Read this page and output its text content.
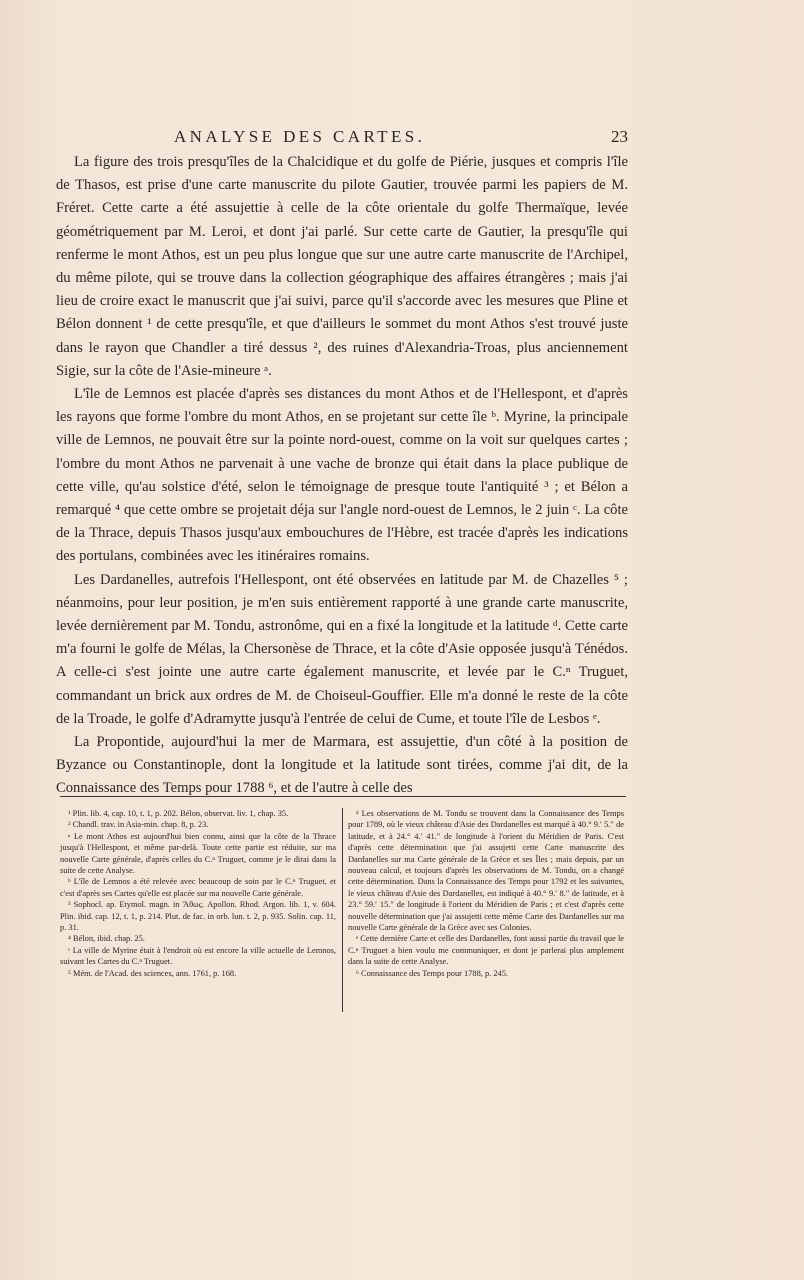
ANALYSE DES CARTES.	23

La figure des trois presqu'îles de la Chalcidique et du golfe de Piérie, jusques et compris l'île de Thasos, est prise d'une carte manuscrite du pilote Gautier, trouvée parmi les papiers de M. Fréret. Cette carte a été assujettie à celle de la côte orientale du golfe Thermaïque, levée géométriquement par M. Leroi, et dont j'ai parlé. Sur cette carte de Gautier, la presqu'île qui renferme le mont Athos, est un peu plus longue que sur une autre carte manuscrite de l'Archipel, du même pilote, qui se trouve dans la collection géographique des affaires étrangères ; mais j'ai lieu de croire exact le manuscrit que j'ai suivi, parce qu'il s'accorde avec les mesures que Pline et Bélon donnent ¹ de cette presqu'île, et que d'ailleurs le sommet du mont Athos s'est trouvé juste dans le rayon que Chandler a tiré dessus ², des ruines d'Alexandria-Troas, plus anciennement Sigie, sur la côte de l'Asie-mineure ᵃ.

L'île de Lemnos est placée d'après ses distances du mont Athos et de l'Hellespont, et d'après les rayons que forme l'ombre du mont Athos, en se projetant sur cette île ᵇ. Myrine, la principale ville de Lemnos, ne pouvait être sur la pointe nord-ouest, comme on la voit sur quelques cartes ; l'ombre du mont Athos ne parvenait à une vache de bronze qui était dans la place publique de cette ville, qu'au solstice d'été, selon le témoignage de presque toute l'antiquité ³ ; et Bélon a remarqué ⁴ que cette ombre se projetait déja sur l'angle nord-ouest de Lemnos, le 2 juin ᶜ. La côte de la Thrace, depuis Thasos jusqu'aux embouchures de l'Hèbre, est tracée d'après les indications des portulans, combinées avec les itinéraires romains.

Les Dardanelles, autrefois l'Hellespont, ont été observées en latitude par M. de Chazelles ⁵ ; néanmoins, pour leur position, je m'en suis entièrement rapporté à une grande carte manuscrite, levée dernièrement par M. Tondu, astronôme, qui en a fixé la longitude et la latitude ᵈ. Cette carte m'a fourni le golfe de Mélas, la Chersonèse de Thrace, et la côte d'Asie opposée jusqu'à Ténédos. A celle-ci s'est jointe une autre carte également manuscrite, et levée par le C.ⁿ Truguet, commandant un brick aux ordres de M. de Choiseul-Gouffier. Elle m'a donné le reste de la côte de la Troade, le golfe d'Adramytte jusqu'à l'entrée de celui de Cume, et toute l'île de Lesbos ᵉ.

La Propontide, aujourd'hui la mer de Marmara, est assujettie, d'un côté à la position de Byzance ou Constantinople, dont la longitude et la latitude sont tirées, comme j'ai dit, de la Connaissance des Temps pour 1788 ⁶, et de l'autre à celle des

¹ Plin. lib. 4, cap. 10, t. 1, p. 202. Bélon, observat. liv. 1, chap. 35.

² Chandl. trav. in Asia-min. chap. 8, p. 23.

ᵃ Le mont Athos est aujourd'hui bien connu, ainsi que la côte de la Thrace jusqu'à l'Hellespont, et même par-delà. Toute cette partie est réduite, sur ma nouvelle Carte générale, d'après celles du C.ⁿ Truguet, comme je le dirai dans la suite de cette Analyse.

ᵇ L'île de Lemnos a été relevée avec beaucoup de soin par le C.ⁿ Truguet, et c'est d'après ses Cartes qu'elle est placée sur ma nouvelle Carte générale.

³ Sophocl. ap. Etymol. magn. in Ἄθως. Apollon. Rhod. Argon. lib. 1, v. 604. Plin. ibid. cap. 12, t. 1, p. 214. Plut. de fac. in orb. lun. t. 2, p. 935. Solin. cap. 11, p. 31.

⁴ Bélon, ibid. chap. 25.

ᶜ La ville de Myrine était à l'endroit où est encore la ville actuelle de Lemnos, suivant les Cartes du C.ⁿ Truguet.

⁵ Mém. de l'Acad. des sciences, ann. 1761, p. 168.

ᵈ Les observations de M. Tondu se trouvent dans la Connaissance des Temps pour 1789, où le vieux château d'Asie des Dardanelles est marqué à 40.° 9.′ 5.″ de latitude, et à 24.° 4.′ 41.″ de longitude à l'orient du Méridien de Paris. C'est d'après cette détermination que j'ai assujetti cette Carte manuscrite des Dardanelles sur ma Carte générale de la Grèce et ses Îles ; mais depuis, par un nouveau calcul, et toujours d'après les observations de M. Tondu, on a changé cette détermination. Dans la Connaissance des Temps pour 1792 et les suivantes, le vieux château d'Asie des Dardanelles, est indiqué à 40.° 9.′ 8.″ de latitude, et à 23.° 59.′ 15.″ de longitude à l'orient du Méridien de Paris ; et c'est d'après cette nouvelle détermination que j'ai assujetti cette même Carte des Dardanelles sur ma nouvelle Carte générale de la Grèce avec ses Colonies.

ᵉ Cette dernière Carte et celle des Dardanelles, font aussi partie du travail que le C.ⁿ Truguet a bien voulu me communiquer, et dont je parlerai plus amplement dans la suite de cette Analyse.

⁶ Connaissance des Temps pour 1788, p. 245.
